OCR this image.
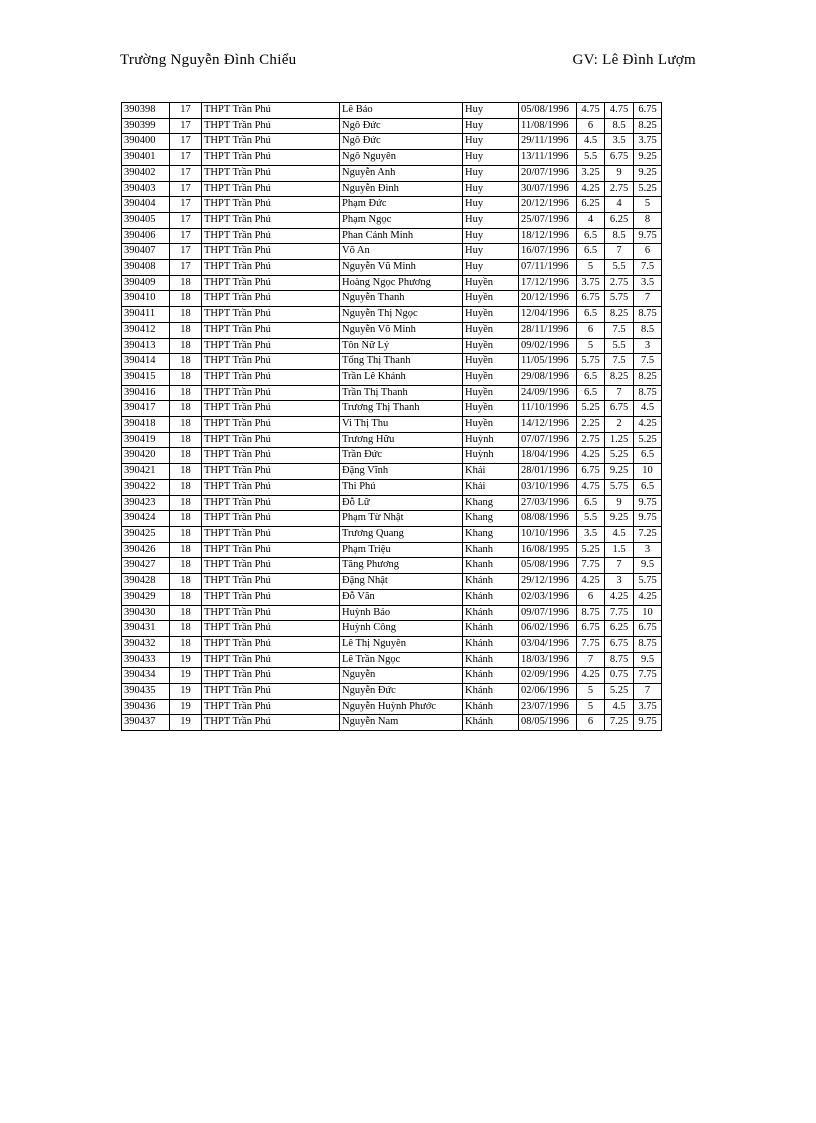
Trường Nguyễn Đình Chiểu	GV: Lê Đình Lượm
390398	17	THPT Trần Phú	Lê Bảo	Huy	05/08/1996	4.75	4.75	6.75
390399	17	THPT Trần Phú	Ngô Đức	Huy	11/08/1996	6	8.5	8.25
390400	17	THPT Trần Phú	Ngô Đức	Huy	29/11/1996	4.5	3.5	3.75
390401	17	THPT Trần Phú	Ngô Nguyên	Huy	13/11/1996	5.5	6.75	9.25
390402	17	THPT Trần Phú	Nguyễn Anh	Huy	20/07/1996	3.25	9	9.25
390403	17	THPT Trần Phú	Nguyễn Đình	Huy	30/07/1996	4.25	2.75	5.25
390404	17	THPT Trần Phú	Phạm Đức	Huy	20/12/1996	6.25	4	5
390405	17	THPT Trần Phú	Phạm Ngọc	Huy	25/07/1996	4	6.25	8
390406	17	THPT Trần Phú	Phan Cảnh Minh	Huy	18/12/1996	6.5	8.5	9.75
390407	17	THPT Trần Phú	Võ An	Huy	16/07/1996	6.5	7	6
390408	17	THPT Trần Phú	Nguyễn Vũ Minh	Huy	07/11/1996	5	5.5	7.5
390409	18	THPT Trần Phú	Hoàng Ngọc Phương	Huyền	17/12/1996	3.75	2.75	3.5
390410	18	THPT Trần Phú	Nguyễn Thanh	Huyền	20/12/1996	6.75	5.75	7
390411	18	THPT Trần Phú	Nguyễn Thị Ngọc	Huyền	12/04/1996	6.5	8.25	8.75
390412	18	THPT Trần Phú	Nguyễn Võ Minh	Huyền	28/11/1996	6	7.5	8.5
390413	18	THPT Trần Phú	Tôn Nữ Lý	Huyền	09/02/1996	5	5.5	3
390414	18	THPT Trần Phú	Tống Thị Thanh	Huyền	11/05/1996	5.75	7.5	7.5
390415	18	THPT Trần Phú	Trần Lê Khánh	Huyền	29/08/1996	6.5	8.25	8.25
390416	18	THPT Trần Phú	Trần Thị Thanh	Huyền	24/09/1996	6.5	7	8.75
390417	18	THPT Trần Phú	Trương Thị Thanh	Huyền	11/10/1996	5.25	6.75	4.5
390418	18	THPT Trần Phú	Vi Thị Thu	Huyền	14/12/1996	2.25	2	4.25
390419	18	THPT Trần Phú	Trương Hữu	Huỳnh	07/07/1996	2.75	1.25	5.25
390420	18	THPT Trần Phú	Trần Đức	Huỳnh	18/04/1996	4.25	5.25	6.5
390421	18	THPT Trần Phú	Đặng Vĩnh	Khải	28/01/1996	6.75	9.25	10
390422	18	THPT Trần Phú	Thi Phú	Khải	03/10/1996	4.75	5.75	6.5
390423	18	THPT Trần Phú	Đỗ Lữ	Khang	27/03/1996	6.5	9	9.75
390424	18	THPT Trần Phú	Phạm Từ Nhật	Khang	08/08/1996	5.5	9.25	9.75
390425	18	THPT Trần Phú	Trương Quang	Khang	10/10/1996	3.5	4.5	7.25
390426	18	THPT Trần Phú	Phạm Triệu	Khanh	16/08/1995	5.25	1.5	3
390427	18	THPT Trần Phú	Tăng Phương	Khanh	05/08/1996	7.75	7	9.5
390428	18	THPT Trần Phú	Đặng Nhật	Khánh	29/12/1996	4.25	3	5.75
390429	18	THPT Trần Phú	Đỗ Văn	Khánh	02/03/1996	6	4.25	4.25
390430	18	THPT Trần Phú	Huỳnh Bảo	Khánh	09/07/1996	8.75	7.75	10
390431	18	THPT Trần Phú	Huỳnh Công	Khánh	06/02/1996	6.75	6.25	6.75
390432	18	THPT Trần Phú	Lê Thị Nguyên	Khánh	03/04/1996	7.75	6.75	8.75
390433	19	THPT Trần Phú	Lê Trần Ngọc	Khánh	18/03/1996	7	8.75	9.5
390434	19	THPT Trần Phú	Nguyễn	Khánh	02/09/1996	4.25	0.75	7.75
390435	19	THPT Trần Phú	Nguyễn Đức	Khánh	02/06/1996	5	5.25	7
390436	19	THPT Trần Phú	Nguyễn Huỳnh Phước	Khánh	23/07/1996	5	4.5	3.75
390437	19	THPT Trần Phú	Nguyễn Nam	Khánh	08/05/1996	6	7.25	9.75
